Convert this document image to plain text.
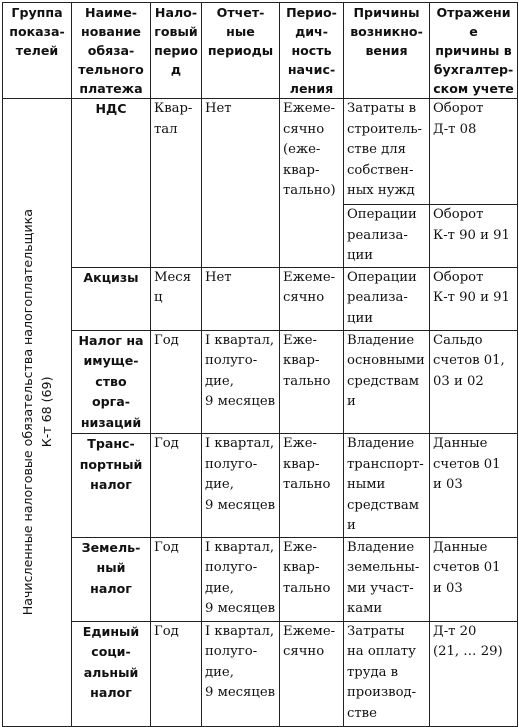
Группа
показа-
телей	Наиме-
нование
обяза-
тельного
платежа	Нало-
говый
период	Отчет-
ные
периоды	Перио-
дич-
ность
начис-
ления	Причины
возникно-
вения	Отражение
причины в
бухгалтер-
ском учете

Начисленные налоговые обязательства налогоплательщика
К-т 68 (69)	НДС	Квар-
тал	Нет	Ежеме-
сячно
(еже-
квар-
тально)	Затраты в
строитель-
стве для
собствен-
ных нужд	Оборот
Д-т 08
					Операции
реализа-
ции	Оборот
К-т 90 и 91
	Акцизы	Месяц	Нет	Ежеме-
сячно	Операции
реализа-
ции	Оборот
К-т 90 и 91
	Налог на
имуще-
ство орга-
низаций	Год	I квартал,
полуго-
дие,
9 месяцев	Еже-
квар-
тально	Владение
основными
средствами	Сальдо
счетов 01,
03 и 02
	Транс-
портный
налог	Год	I квартал,
полуго-
дие,
9 месяцев	Еже-
квар-
тально	Владение
транспорт-
ными
средствами	Данные
счетов 01
и 03
	Земель-
ный
налог	Год	I квартал,
полуго-
дие,
9 месяцев	Еже-
квар-
тально	Владение
земельны-
ми участ-
ками	Данные
счетов 01
и 03
	Единый
соци-
альный
налог	Год	I квартал,
полуго-
дие,
9 месяцев	Ежеме-
сячно	Затраты
на оплату
труда в
производ-
стве	Д-т 20
(21, … 29)
